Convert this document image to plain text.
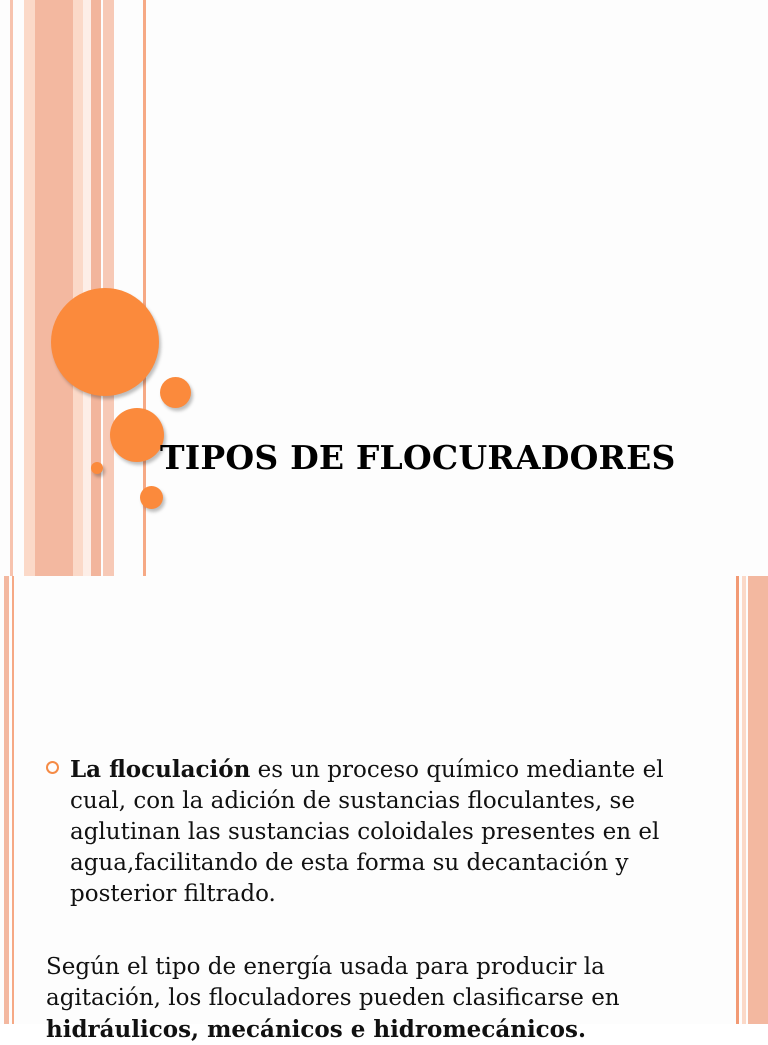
TIPOS DE FLOCURADORES

La floculación es un proceso químico mediante el cual, con la adición de sustancias floculantes, se aglutinan las sustancias coloidales presentes en el agua,facilitando de esta forma su decantación y posterior filtrado.

Según el tipo de energía usada para producir la agitación, los floculadores pueden clasificarse en

hidráulicos, mecánicos e hidromecánicos.
